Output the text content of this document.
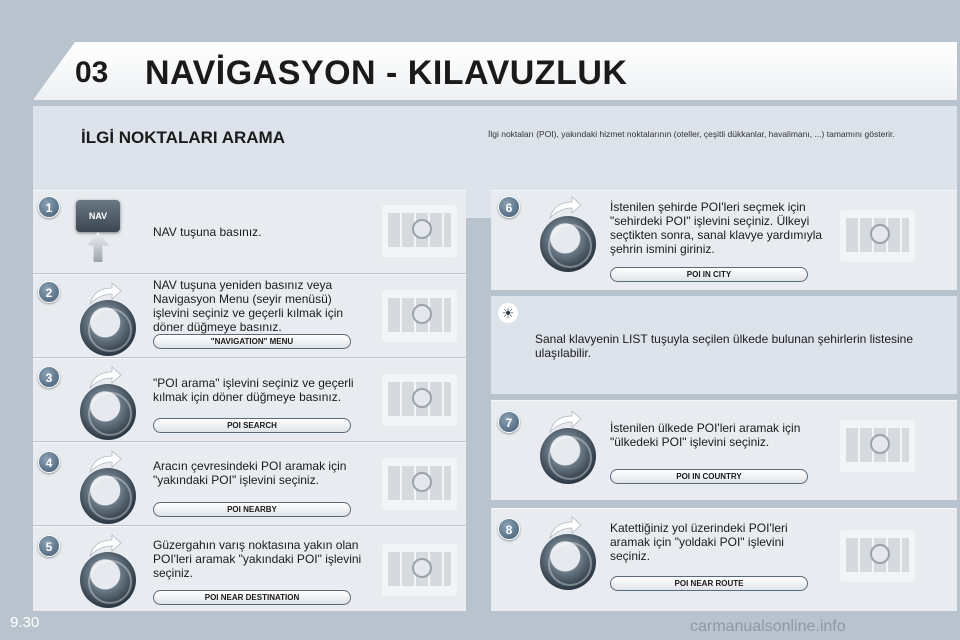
03 NAVİGASYON - KILAVUZLUK
İLGİ NOKTALARI ARAMA	İlgi noktaları (POI), yakındaki hizmet noktalarının (oteller, çeşitli dükkanlar, havalimanı, ...) tamamını gösterir.
1
NAV
NAV tuşuna basınız.
2
NAV tuşuna yeniden basınız veya Navigasyon Menu (seyir menüsü) işlevini seçiniz ve geçerli kılmak için döner düğmeye basınız.
"NAVIGATION" MENU
3	"POI arama" işlevini seçiniz ve geçerli kılmak için döner düğmeye basınız.
POI SEARCH
4	Aracın çevresindeki POI aramak için "yakındaki POI" işlevini seçiniz.
POI NEARBY
5	Güzergahın varış noktasına yakın olan POI'leri aramak "yakındaki POI" işlevini seçiniz.
POI NEAR DESTINATION
6	İstenilen şehirde POI'leri seçmek için "sehirdeki POI" işlevini seçiniz. Ülkeyi seçtikten sonra, sanal klavye yardımıyla şehrin ismini giriniz.
POI IN CITY
☀
Sanal klavyenin LIST tuşuyla seçilen ülkede bulunan şehirlerin listesine ulaşılabilir.
7	İstenilen ülkede POI'leri aramak için "ülkedeki POI" işlevini seçiniz.
POI IN COUNTRY
8	Katettiğiniz yol üzerindeki POI'leri aramak için "yoldaki POI" işlevini seçiniz.
POI NEAR ROUTE
9.30	carmanualsonline.info
